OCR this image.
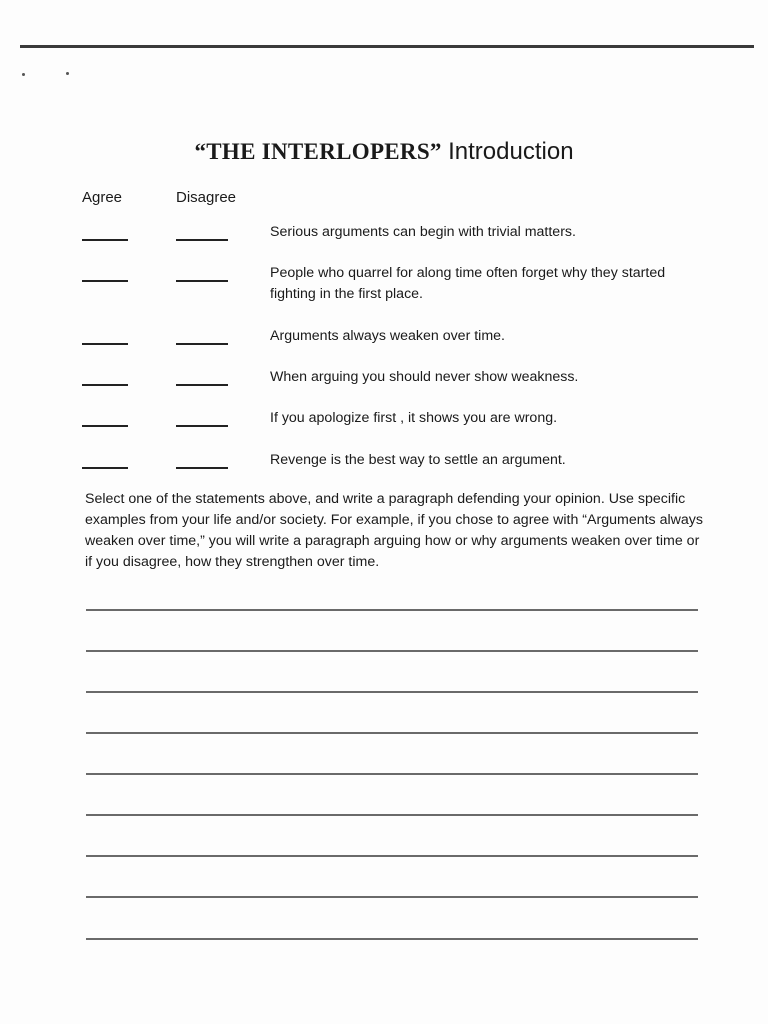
“THE INTERLOPERS” Introduction
Agree	Disagree
Serious arguments can begin with trivial matters.
People who quarrel for along time often forget why they started fighting in the first place.
Arguments always weaken over time.
When arguing you should never show weakness.
If you apologize first , it shows you are wrong.
Revenge is the best way to settle an argument.
Select one of the statements above, and write a paragraph defending your opinion. Use specific examples from your life and/or society. For example, if you chose to agree with “Arguments always weaken over time,” you will write a paragraph arguing how or why arguments weaken over time or if you disagree, how they strengthen over time.
